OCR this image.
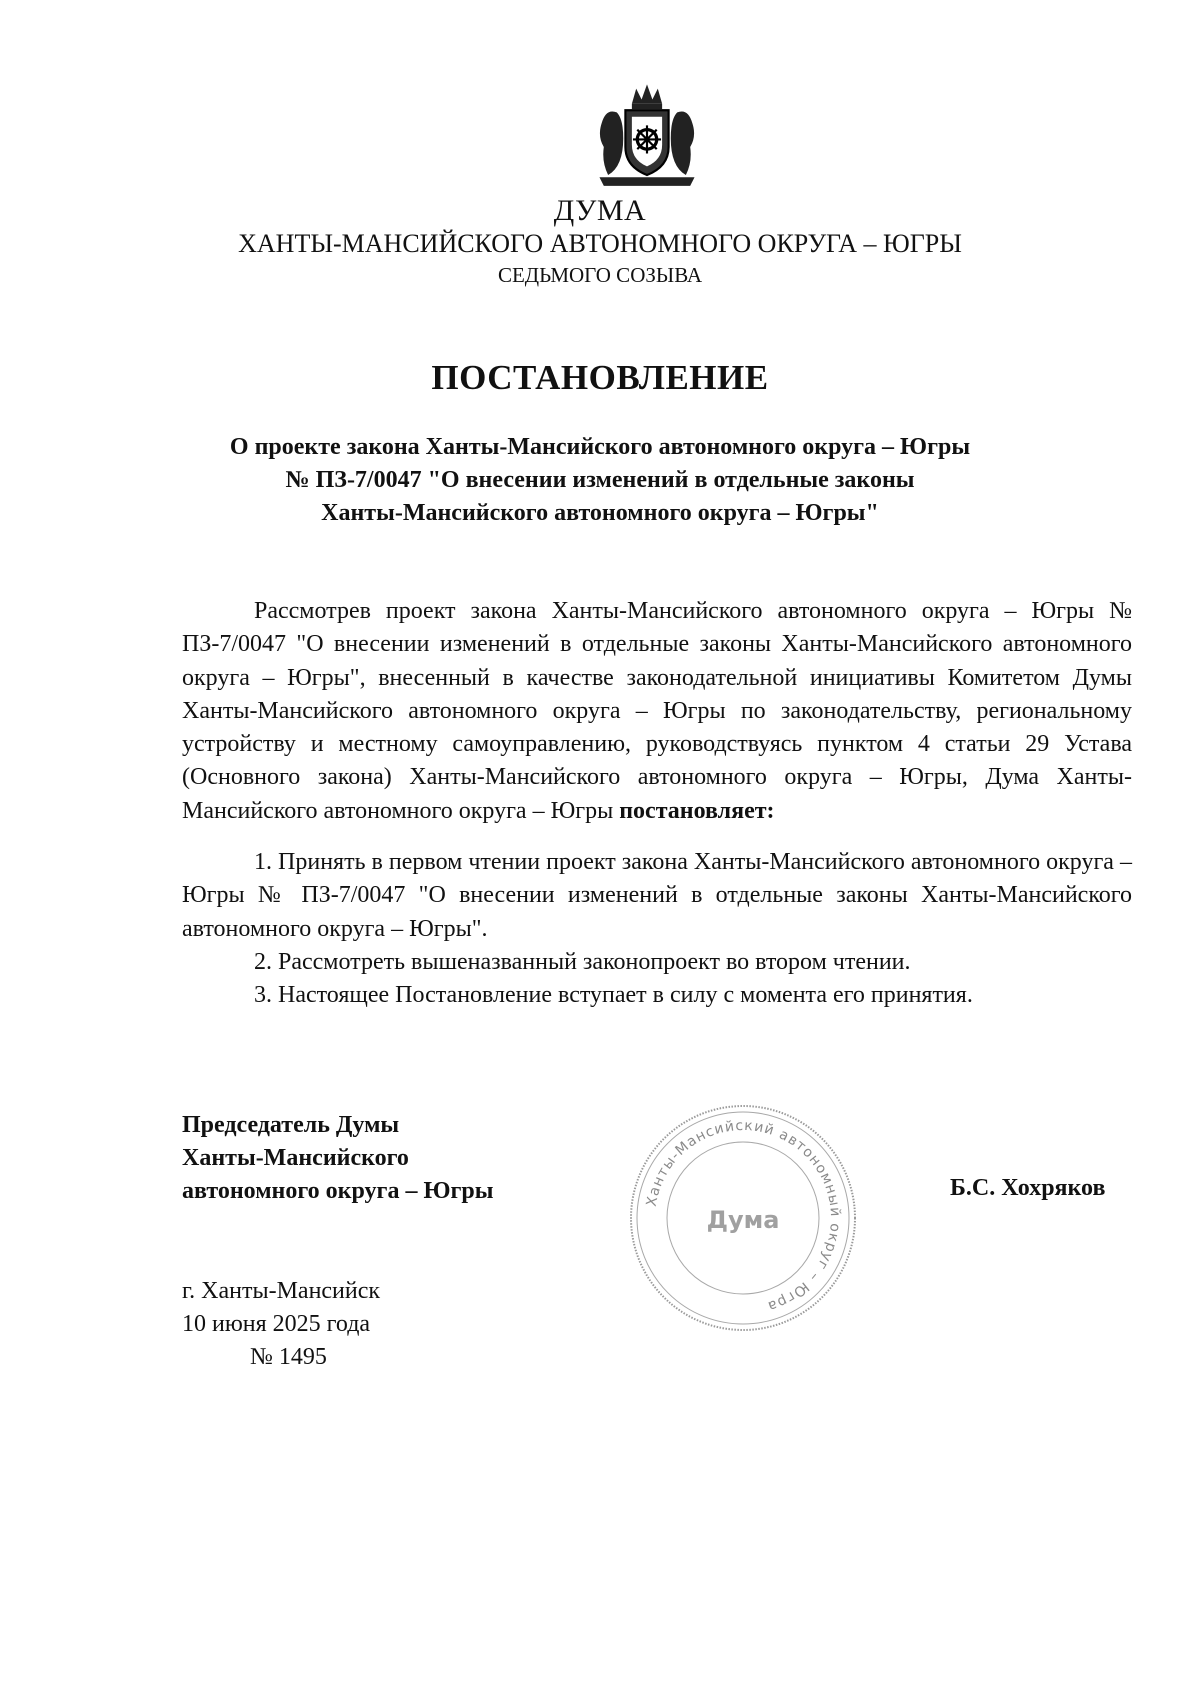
ДУМА
ХАНТЫ-МАНСИЙСКОГО АВТОНОМНОГО ОКРУГА – ЮГРЫ
СЕДЬМОГО СОЗЫВА
ПОСТАНОВЛЕНИЕ
О проекте закона Ханты-Мансийского автономного округа – Югры
№ ПЗ-7/0047 "О внесении изменений в отдельные законы
Ханты-Мансийского автономного округа – Югры"

Рассмотрев проект закона Ханты-Мансийского автономного округа – Югры № ПЗ-7/0047 "О внесении изменений в отдельные законы Ханты-Мансийского автономного округа – Югры", внесенный в качестве законодательной инициативы Комитетом Думы Ханты-Мансийского автономного округа – Югры по законодательству, региональному устройству и местному самоуправлению, руководствуясь пунктом 4 статьи 29 Устава (Основного закона) Ханты-Мансийского автономного округа – Югры, Дума Ханты-Мансийского автономного округа – Югры постановляет:

1. Принять в первом чтении проект закона Ханты-Мансийского автономного округа – Югры № ПЗ-7/0047 "О внесении изменений в отдельные законы Ханты-Мансийского автономного округа – Югры".

2. Рассмотреть вышеназванный законопроект во втором чтении.

3. Настоящее Постановление вступает в силу с момента его принятия.

Председатель Думы
Ханты-Мансийского
автономного округа – Югры	Ханты-Мансийский автономный округ – Югра
Дума
Б.С. Хохряков
г. Ханты-Мансийск
10 июня 2025 года
№ 1495
